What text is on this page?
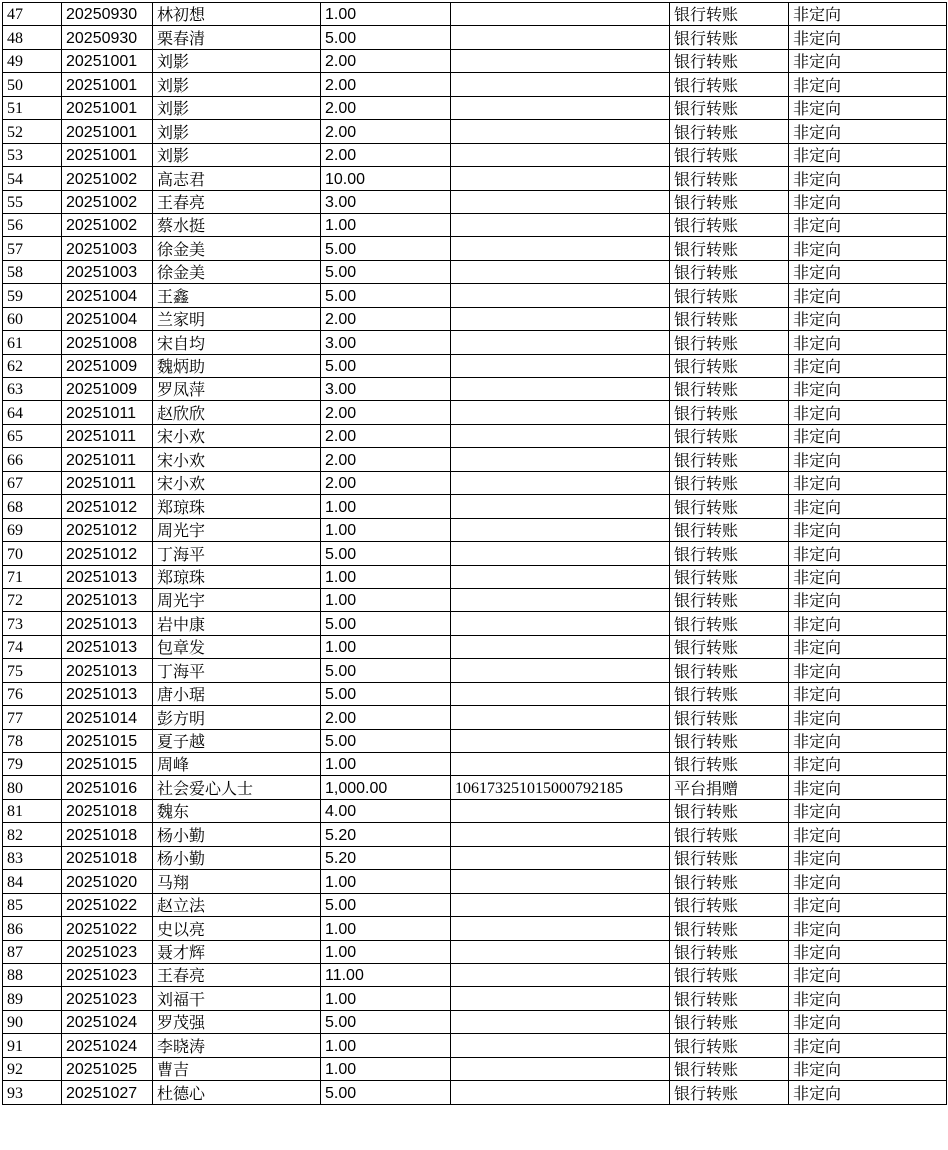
47	20250930	林初想	1.00		银行转账	非定向
48	20250930	栗春清	5.00		银行转账	非定向
49	20251001	刘影	2.00		银行转账	非定向
50	20251001	刘影	2.00		银行转账	非定向
51	20251001	刘影	2.00		银行转账	非定向
52	20251001	刘影	2.00		银行转账	非定向
53	20251001	刘影	2.00		银行转账	非定向
54	20251002	高志君	10.00		银行转账	非定向
55	20251002	王春亮	3.00		银行转账	非定向
56	20251002	蔡水挺	1.00		银行转账	非定向
57	20251003	徐金美	5.00		银行转账	非定向
58	20251003	徐金美	5.00		银行转账	非定向
59	20251004	王鑫	5.00		银行转账	非定向
60	20251004	兰家明	2.00		银行转账	非定向
61	20251008	宋自均	3.00		银行转账	非定向
62	20251009	魏炳助	5.00		银行转账	非定向
63	20251009	罗凤萍	3.00		银行转账	非定向
64	20251011	赵欣欣	2.00		银行转账	非定向
65	20251011	宋小欢	2.00		银行转账	非定向
66	20251011	宋小欢	2.00		银行转账	非定向
67	20251011	宋小欢	2.00		银行转账	非定向
68	20251012	郑琼珠	1.00		银行转账	非定向
69	20251012	周光宇	1.00		银行转账	非定向
70	20251012	丁海平	5.00		银行转账	非定向
71	20251013	郑琼珠	1.00		银行转账	非定向
72	20251013	周光宇	1.00		银行转账	非定向
73	20251013	岩中康	5.00		银行转账	非定向
74	20251013	包章发	1.00		银行转账	非定向
75	20251013	丁海平	5.00		银行转账	非定向
76	20251013	唐小琚	5.00		银行转账	非定向
77	20251014	彭方明	2.00		银行转账	非定向
78	20251015	夏子越	5.00		银行转账	非定向
79	20251015	周峰	1.00		银行转账	非定向
80	20251016	社会爱心人士	1,000.00	106173251015000792185	平台捐赠	非定向
81	20251018	魏东	4.00		银行转账	非定向
82	20251018	杨小勤	5.20		银行转账	非定向
83	20251018	杨小勤	5.20		银行转账	非定向
84	20251020	马翔	1.00		银行转账	非定向
85	20251022	赵立法	5.00		银行转账	非定向
86	20251022	史以亮	1.00		银行转账	非定向
87	20251023	聂才辉	1.00		银行转账	非定向
88	20251023	王春亮	11.00		银行转账	非定向
89	20251023	刘福干	1.00		银行转账	非定向
90	20251024	罗茂强	5.00		银行转账	非定向
91	20251024	李晓涛	1.00		银行转账	非定向
92	20251025	曹吉	1.00		银行转账	非定向
93	20251027	杜德心	5.00		银行转账	非定向
